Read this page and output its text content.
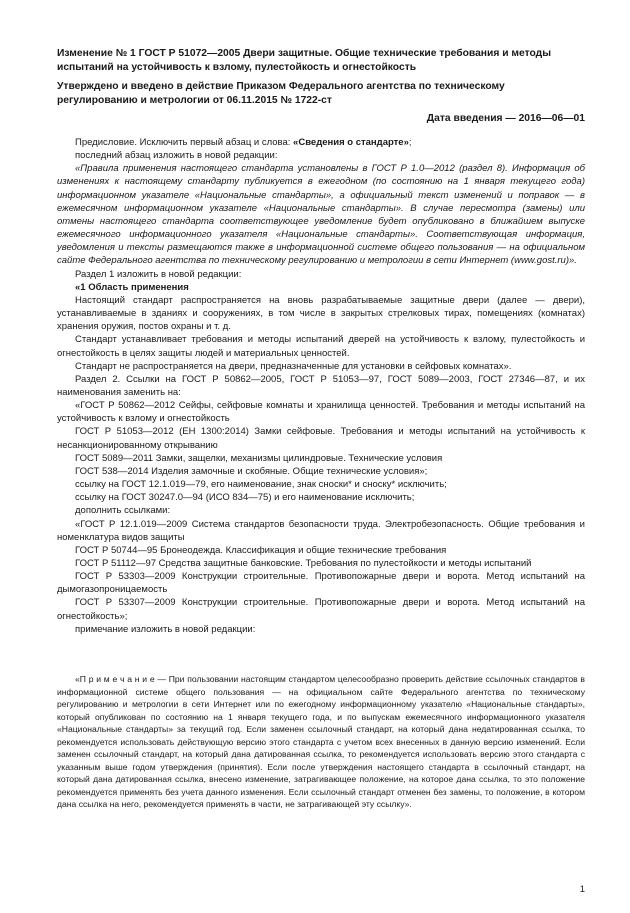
Изменение № 1 ГОСТ Р 51072—2005 Двери защитные. Общие технические требования и методы испытаний на устойчивость к взлому, пулестойкость и огнестойкость
Утверждено и введено в действие Приказом Федерального агентства по техническому регулированию и метрологии от 06.11.2015 № 1722-ст
Дата введения — 2016—06—01

Предисловие. Исключить первый абзац и слова: «Сведения о стандарте»;

последний абзац изложить в новой редакции:

«Правила применения настоящего стандарта установлены в ГОСТ Р 1.0—2012 (раздел 8). Информация об изменениях к настоящему стандарту публикуется в ежегодном (по состоянию на 1 января текущего года) информационном указателе «Национальные стандарты», а официальный текст изменений и поправок — в ежемесячном информационном указателе «Национальные стандарты». В случае пересмотра (замены) или отмены настоящего стандарта соответствующее уведомление будет опубликовано в ближайшем выпуске ежемесячного информационного указателя «Национальные стандарты». Соответствующая информация, уведомления и тексты размещаются также в информационной системе общего пользования — на официальном сайте Федерального агентства по техническому регулированию и метрологии в сети Интернет (www.gost.ru)».

Раздел 1 изложить в новой редакции:

«1 Область применения

Настоящий стандарт распространяется на вновь разрабатываемые защитные двери (далее — двери), устанавливаемые в зданиях и сооружениях, в том числе в закрытых стрелковых тирах, помещениях (комнатах) хранения оружия, постов охраны и т. д.

Стандарт устанавливает требования и методы испытаний дверей на устойчивость к взлому, пулестойкость и огнестойкость в целях защиты людей и материальных ценностей.

Стандарт не распространяется на двери, предназначенные для установки в сейфовых комнатах».

Раздел 2. Ссылки на ГОСТ Р 50862—2005, ГОСТ Р 51053—97, ГОСТ 5089—2003, ГОСТ 27346—87, и их наименования заменить на:

«ГОСТ Р 50862—2012 Сейфы, сейфовые комнаты и хранилища ценностей. Требования и методы испытаний на устойчивость к взлому и огнестойкость

ГОСТ Р 51053—2012 (ЕН 1300:2014) Замки сейфовые. Требования и методы испытаний на устойчивость к несанкционированному открыванию

ГОСТ 5089—2011 Замки, защелки, механизмы цилиндровые. Технические условия

ГОСТ 538—2014 Изделия замочные и скобяные. Общие технические условия»;

ссылку на ГОСТ 12.1.019—79, его наименование, знак сноски* и сноску* исключить;

ссылку на ГОСТ 30247.0—94 (ИСО 834—75) и его наименование исключить;

дополнить ссылками:

«ГОСТ Р 12.1.019—2009 Система стандартов безопасности труда. Электробезопасность. Общие требования и номенклатура видов защиты

ГОСТ Р 50744—95 Бронеодежда. Классификация и общие технические требования

ГОСТ Р 51112—97 Средства защитные банковские. Требования по пулестойкости и методы испытаний

ГОСТ Р 53303—2009 Конструкции строительные. Противопожарные двери и ворота. Метод испытаний на дымогазопроницаемость

ГОСТ Р 53307—2009 Конструкции строительные. Противопожарные двери и ворота. Метод испытаний на огнестойкость»;

примечание изложить в новой редакции:

«П р и м е ч а н и е — При пользовании настоящим стандартом целесообразно проверить действие ссылочных стандартов в информационной системе общего пользования — на официальном сайте Федерального агентства по техническому регулированию и метрологии в сети Интернет или по ежегодному информационному указателю «Национальные стандарты», который опубликован по состоянию на 1 января текущего года, и по выпускам ежемесячного информационного указателя «Национальные стандарты» за текущий год. Если заменен ссылочный стандарт, на который дана недатированная ссылка, то рекомендуется использовать действующую версию этого стандарта с учетом всех внесенных в данную версию изменений. Если заменен ссылочный стандарт, на который дана датированная ссылка, то рекомендуется использовать версию этого стандарта с указанным выше годом утверждения (принятия). Если после утверждения настоящего стандарта в ссылочный стандарт, на который дана датированная ссылка, внесено изменение, затрагивающее положение, на которое дана ссылка, то это положение рекомендуется применять без учета данного изменения. Если ссылочный стандарт отменен без замены, то положение, в котором дана ссылка на него, рекомендуется применять в части, не затрагивающей эту ссылку».

1
